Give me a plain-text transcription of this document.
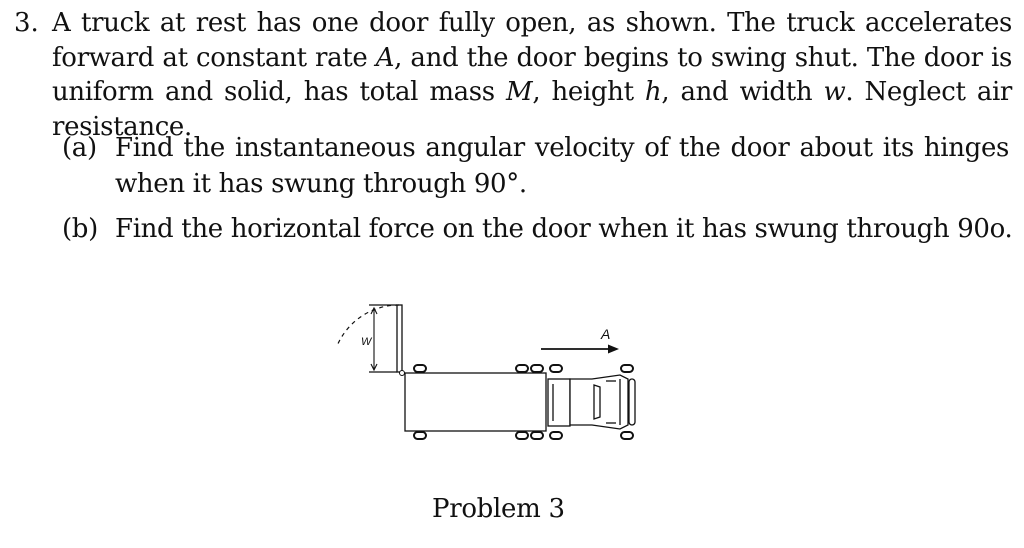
3. A truck at rest has one door fully open, as shown. The truck accelerates forward at constant rate A, and the door begins to swing shut. The door is uniform and solid, has total mass M, height h, and width w. Neglect air resistance.
(a) Find the instantaneous angular velocity of the door about its hinges when it has swung through 90°.
(b) Find the horizontal force on the door when it has swung through 90o.
W	A
Problem 3
